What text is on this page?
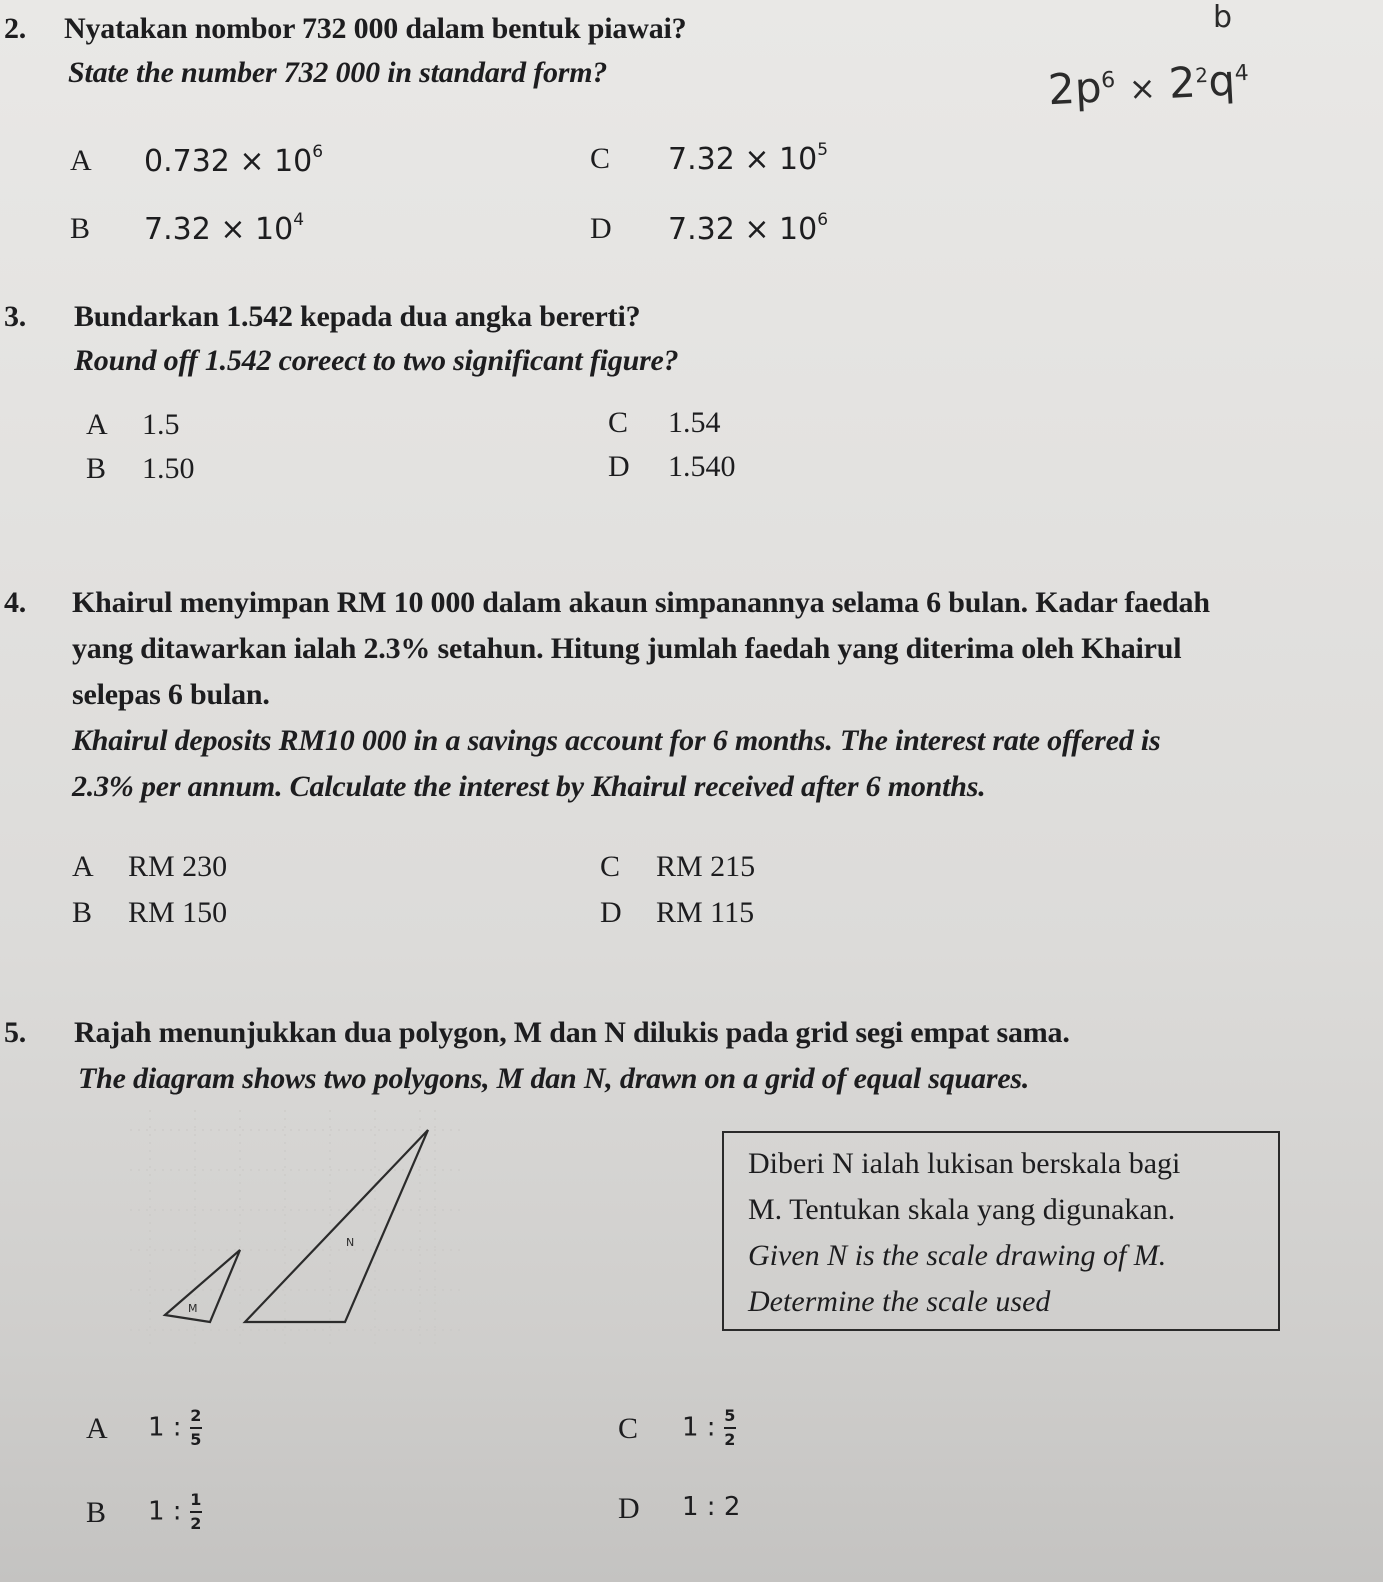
b
$2p^6 \times 2^2q^4$
2. Nyatakan nombor 732 000 dalam bentuk piawai?
State the number 732 000 in standard form?
A $0.732 \times 10^6$
B $7.32 \times 10^4$
C $7.32 \times 10^5$
D $7.32 \times 10^6$
3. Bundarkan 1.542 kepada dua angka bererti?
Round off 1.542 coreect to two significant figure?
A 1.5
B 1.50
C 1.54
D 1.540
4. Khairul menyimpan RM 10 000 dalam akaun simpanannya selama 6 bulan. Kadar faedah
yang ditawarkan ialah 2.3% setahun. Hitung jumlah faedah yang diterima oleh Khairul
selepas 6 bulan.
Khairul deposits RM10 000 in a savings account for 6 months. The interest rate offered is
2.3% per annum. Calculate the interest by Khairul received after 6 months.
A RM 230
B RM 150
C RM 215
D RM 115
5. Rajah menunjukkan dua polygon, M dan N dilukis pada grid segi empat sama.
The diagram shows two polygons, M dan N, drawn on a grid of equal squares.
M
N
Diberi N ialah lukisan berskala bagi
M. Tentukan skala yang digunakan.
Given N is the scale drawing of M.
Determine the scale used
A 1 : $\frac{2}{5}$
B 1 : $\frac{1}{2}$
C 1 : $\frac{5}{2}$
D 1 : 2
